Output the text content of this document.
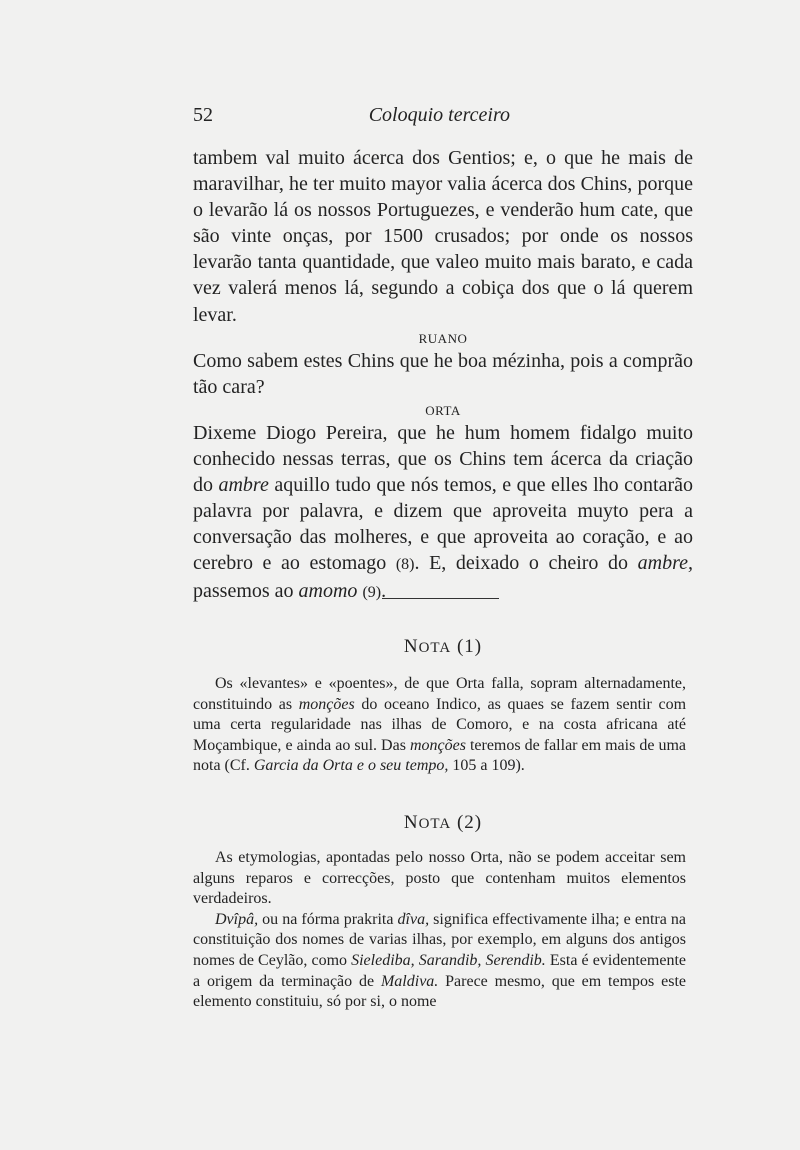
52	Coloquio terceiro

tambem val muito ácerca dos Gentios; e, o que he mais de maravilhar, he ter muito mayor valia ácerca dos Chins, porque o levarão lá os nossos Portuguezes, e venderão hum cate, que são vinte onças, por 1500 crusados; por onde os nossos levarão tanta quantidade, que valeo muito mais barato, e cada vez valerá menos lá, segundo a cobiça dos que o lá querem levar.

RUANO

Como sabem estes Chins que he boa mézinha, pois a comprão tão cara?

ORTA

Dixeme Diogo Pereira, que he hum homem fidalgo muito conhecido nessas terras, que os Chins tem ácerca da criação do ambre aquillo tudo que nós temos, e que elles lho contarão palavra por palavra, e dizem que aproveita muyto pera a conversação das molheres, e que aproveita ao coração, e ao cerebro e ao estomago (8). E, deixado o cheiro do ambre, passemos ao amomo (9).

NOTA (1)

Os «levantes» e «poentes», de que Orta falla, sopram alternadamente, constituindo as monções do oceano Indico, as quaes se fazem sentir com uma certa regularidade nas ilhas de Comoro, e na costa africana até Moçambique, e ainda ao sul. Das monções teremos de fallar em mais de uma nota (Cf. Garcia da Orta e o seu tempo, 105 a 109).

NOTA (2)

As etymologias, apontadas pelo nosso Orta, não se podem acceitar sem alguns reparos e correcções, posto que contenham muitos elementos verdadeiros.

Dvîpâ, ou na fórma prakrita dîva, significa effectivamente ilha; e entra na constituição dos nomes de varias ilhas, por exemplo, em alguns dos antigos nomes de Ceylão, como Sielediba, Sarandib, Serendib. Esta é evidentemente a origem da terminação de Maldiva. Parece mesmo, que em tempos este elemento constituiu, só por si, o nome
